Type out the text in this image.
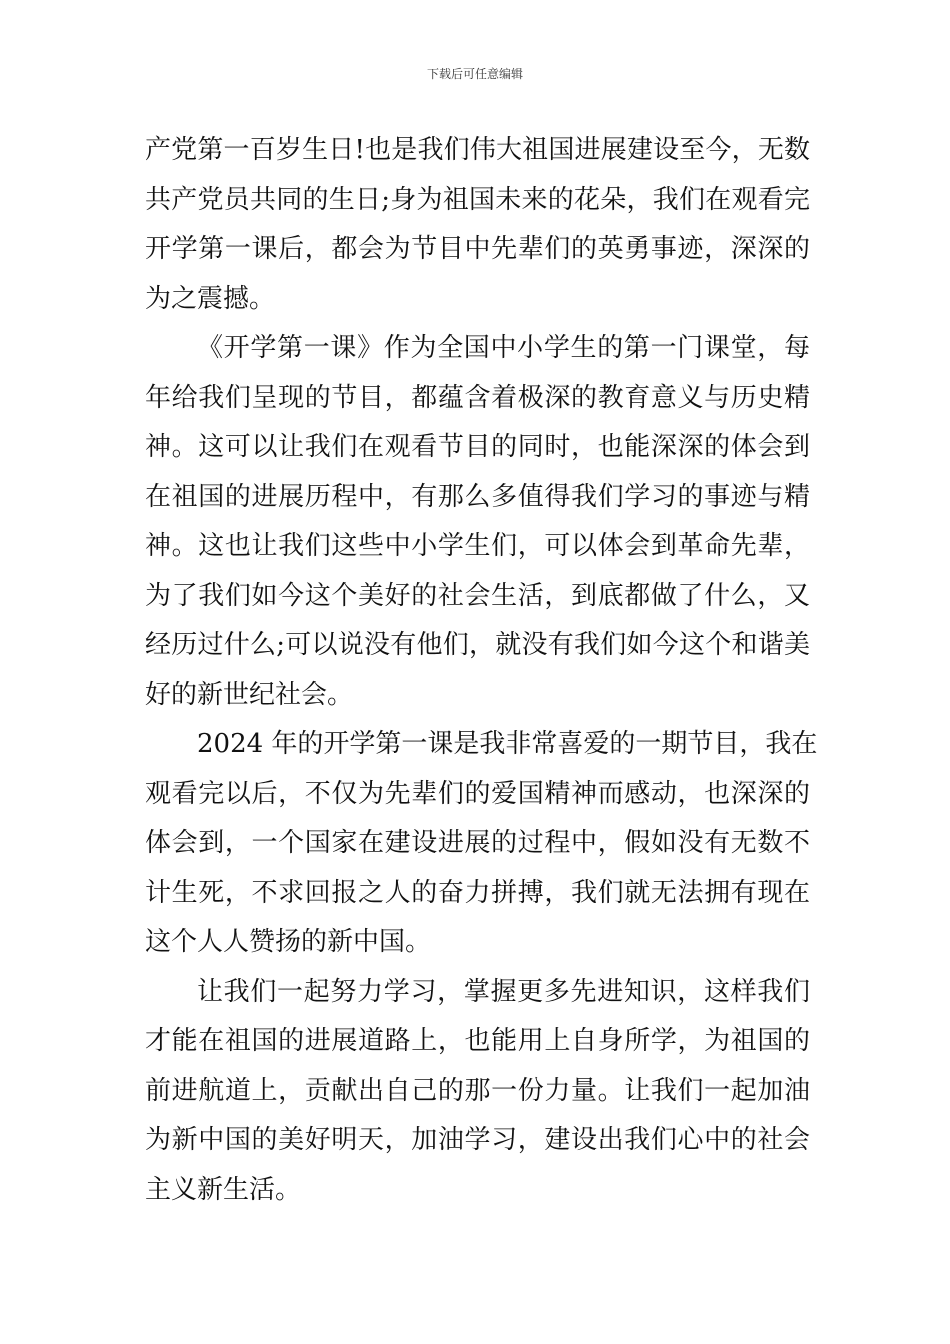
下载后可任意编辑
产党第一百岁生日!也是我们伟大祖国进展建设至今，无数
共产党员共同的生日;身为祖国未来的花朵，我们在观看完
开学第一课后，都会为节目中先辈们的英勇事迹，深深的
为之震撼。
《开学第一课》作为全国中小学生的第一门课堂，每
年给我们呈现的节目，都蕴含着极深的教育意义与历史精
神。这可以让我们在观看节目的同时，也能深深的体会到
在祖国的进展历程中，有那么多值得我们学习的事迹与精
神。这也让我们这些中小学生们，可以体会到革命先辈，
为了我们如今这个美好的社会生活，到底都做了什么，又
经历过什么;可以说没有他们，就没有我们如今这个和谐美
好的新世纪社会。
2024 年的开学第一课是我非常喜爱的一期节目，我在
观看完以后，不仅为先辈们的爱国精神而感动，也深深的
体会到，一个国家在建设进展的过程中，假如没有无数不
计生死，不求回报之人的奋力拼搏，我们就无法拥有现在
这个人人赞扬的新中国。
让我们一起努力学习，掌握更多先进知识，这样我们
才能在祖国的进展道路上，也能用上自身所学，为祖国的
前进航道上，贡献出自己的那一份力量。让我们一起加油
为新中国的美好明天，加油学习，建设出我们心中的社会
主义新生活。
